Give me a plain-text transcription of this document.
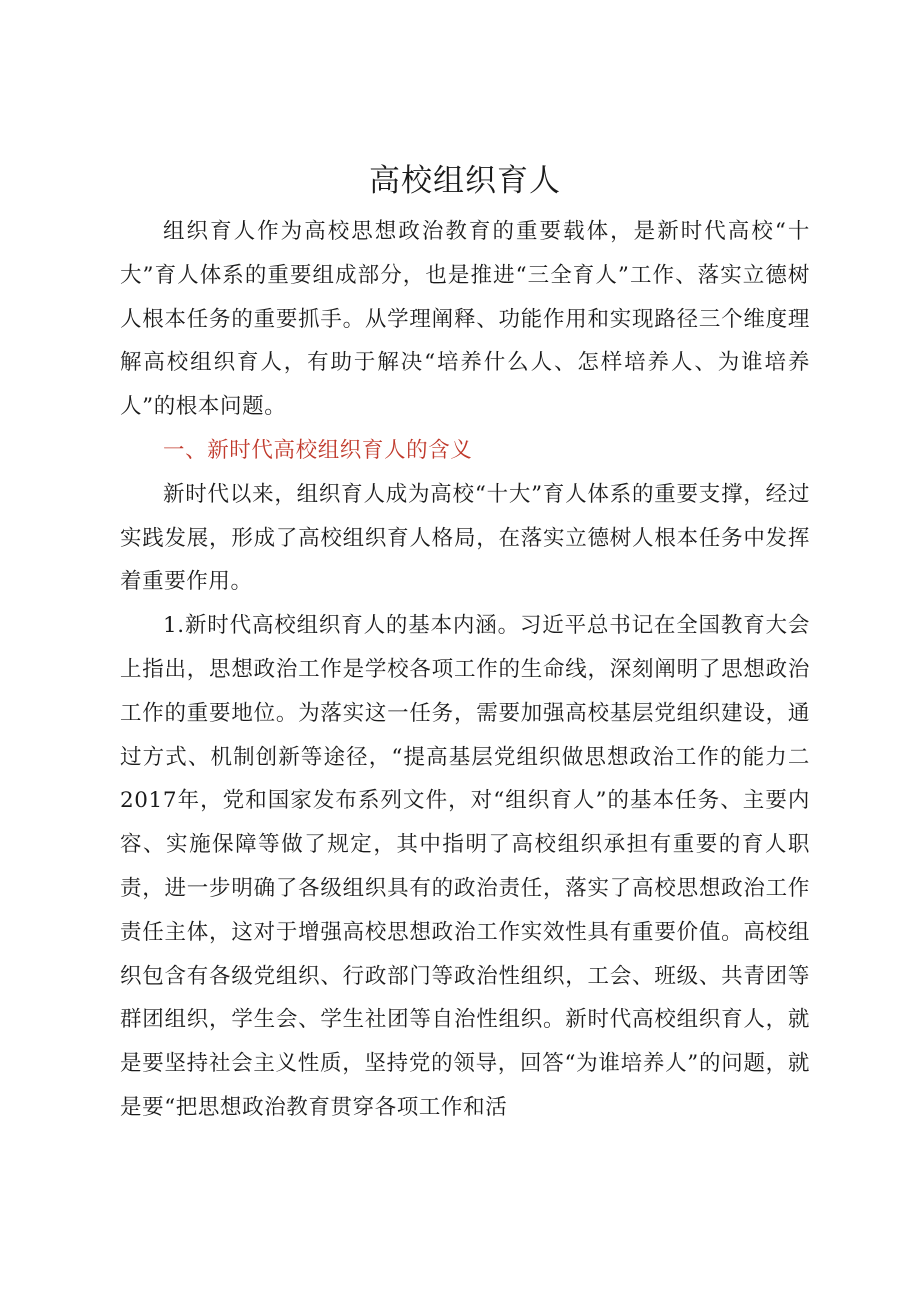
高校组织育人

组织育人作为高校思想政治教育的重要载体，是新时代高校“十大”育人体系的重要组成部分，也是推进“三全育人”工作、落实立德树人根本任务的重要抓手。从学理阐释、功能作用和实现路径三个维度理解高校组织育人，有助于解决“培养什么人、怎样培养人、为谁培养人”的根本问题。

一、新时代高校组织育人的含义

新时代以来，组织育人成为高校“十大”育人体系的重要支撑，经过实践发展，形成了高校组织育人格局，在落实立德树人根本任务中发挥着重要作用。

1.新时代高校组织育人的基本内涵。习近平总书记在全国教育大会上指出，思想政治工作是学校各项工作的生命线，深刻阐明了思想政治工作的重要地位。为落实这一任务，需要加强高校基层党组织建设，通过方式、机制创新等途径，“提高基层党组织做思想政治工作的能力二2017年，党和国家发布系列文件，对“组织育人”的基本任务、主要内容、实施保障等做了规定，其中指明了高校组织承担有重要的育人职责，进一步明确了各级组织具有的政治责任，落实了高校思想政治工作责任主体，这对于增强高校思想政治工作实效性具有重要价值。高校组织包含有各级党组织、行政部门等政治性组织，工会、班级、共青团等群团组织，学生会、学生社团等自治性组织。新时代高校组织育人，就是要坚持社会主义性质，坚持党的领导，回答“为谁培养人”的问题，就是要“把思想政治教育贯穿各项工作和活
